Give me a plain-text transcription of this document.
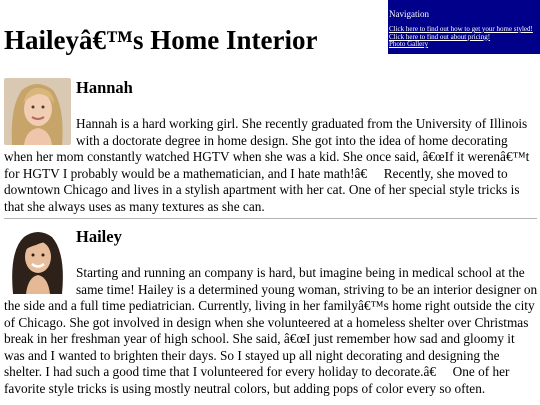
Haileyâ€™s Home Interior
Navigation
Click here to find out how to get your home styled!
Click here to find out about pricing!
Photo Gallery
Hannah

Hannah is a hard working girl. She recently graduated from the University of Illinois with a doctorate degree in home design. She got into the idea of home decorating when her mom constantly watched HGTV when she was a kid. She once said, â€œIf it werenâ€™t for HGTV I probably would be a mathematician, and I hate math!â€     Recently, she moved to downtown Chicago and lives in a stylish apartment with her cat. One of her special style tricks is that she always uses as many textures as she can.

Hailey

Starting and running an company is hard, but imagine being in medical school at the same time! Hailey is a determined young woman, striving to be an interior designer on the side and a full time pediatrician. Currently, living in her familyâ€™s home right outside the city of Chicago. She got involved in design when she volunteered at a homeless shelter over Christmas break in her freshman year of high school. She said, â€œI just remember how sad and gloomy it was and I wanted to brighten their days. So I stayed up all night decorating and designing the shelter. I had such a good time that I volunteered for every holiday to decorate.â€     One of her favorite style tricks is using mostly neutral colors, but adding pops of color every so often.
